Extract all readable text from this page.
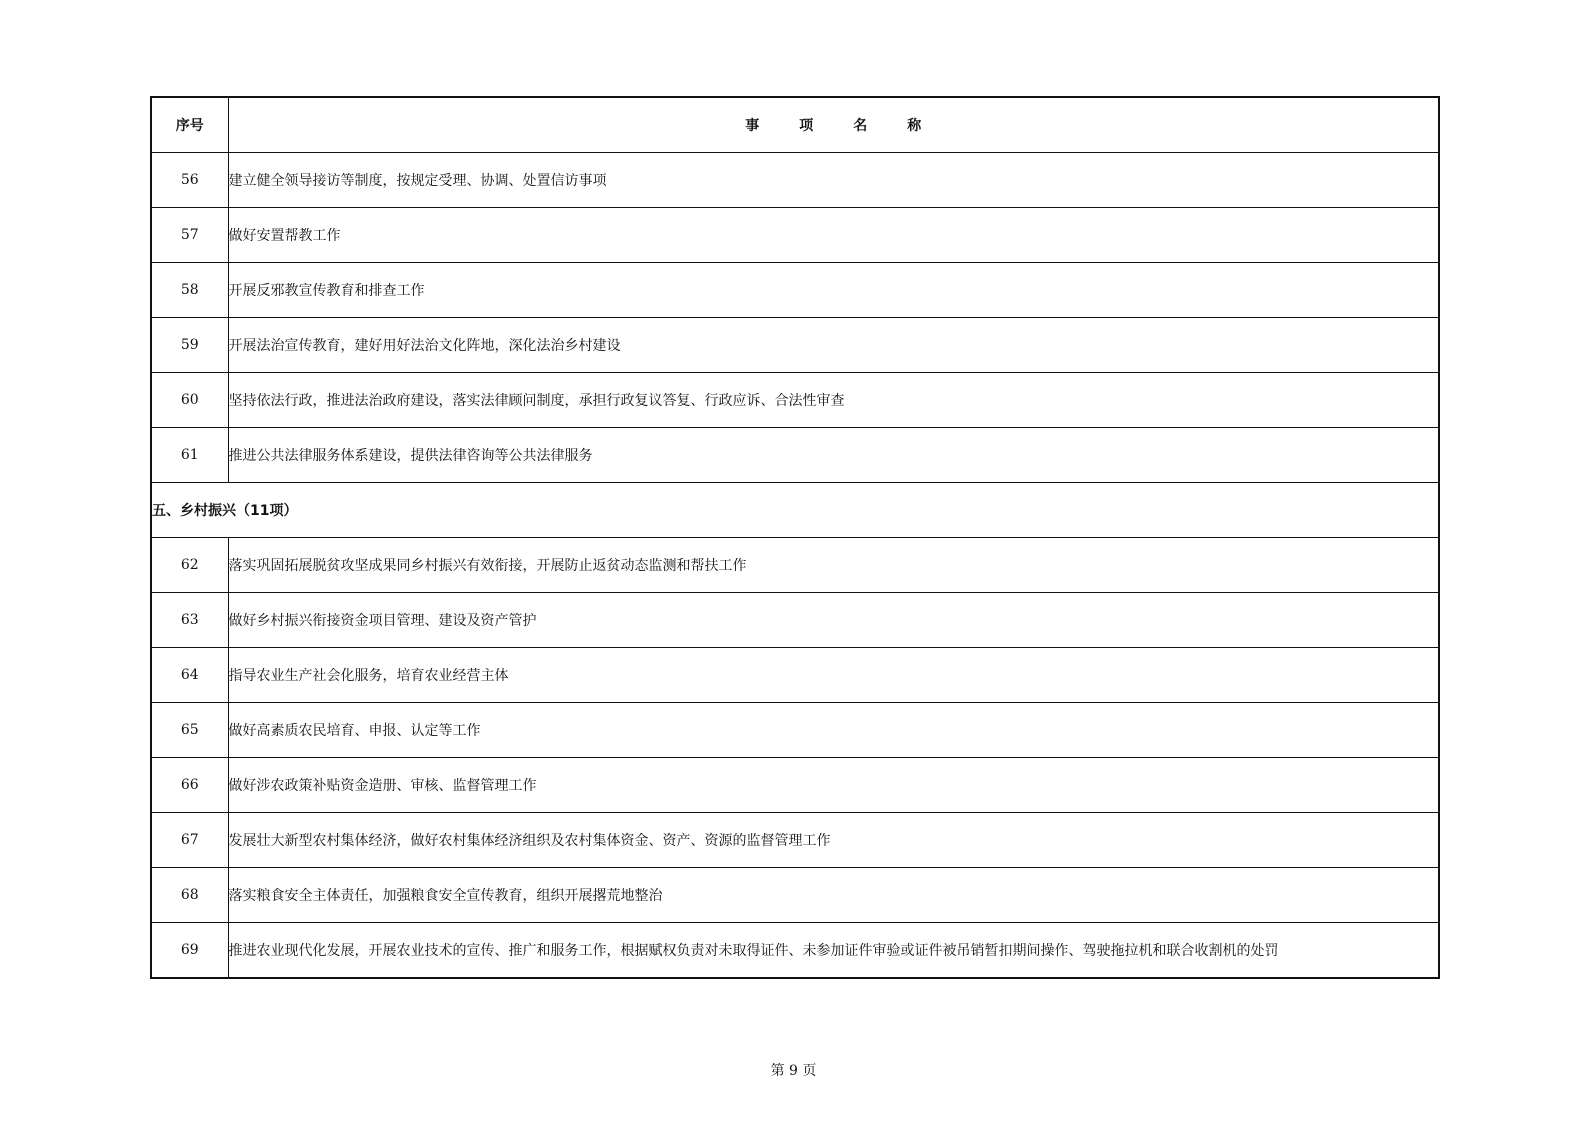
序号	事项名称
56	建立健全领导接访等制度，按规定受理、协调、处置信访事项
57	做好安置帮教工作
58	开展反邪教宣传教育和排查工作
59	开展法治宣传教育，建好用好法治文化阵地，深化法治乡村建设
60	坚持依法行政，推进法治政府建设，落实法律顾问制度，承担行政复议答复、行政应诉、合法性审查
61	推进公共法律服务体系建设，提供法律咨询等公共法律服务
五、乡村振兴（11项）	
62	落实巩固拓展脱贫攻坚成果同乡村振兴有效衔接，开展防止返贫动态监测和帮扶工作
63	做好乡村振兴衔接资金项目管理、建设及资产管护
64	指导农业生产社会化服务，培育农业经营主体
65	做好高素质农民培育、申报、认定等工作
66	做好涉农政策补贴资金造册、审核、监督管理工作
67	发展壮大新型农村集体经济，做好农村集体经济组织及农村集体资金、资产、资源的监督管理工作
68	落实粮食安全主体责任，加强粮食安全宣传教育，组织开展撂荒地整治
69	推进农业现代化发展，开展农业技术的宣传、推广和服务工作，根据赋权负责对未取得证件、未参加证件审验或证件被吊销暂扣期间操作、驾驶拖拉机和联合收割机的处罚
第 9 页
